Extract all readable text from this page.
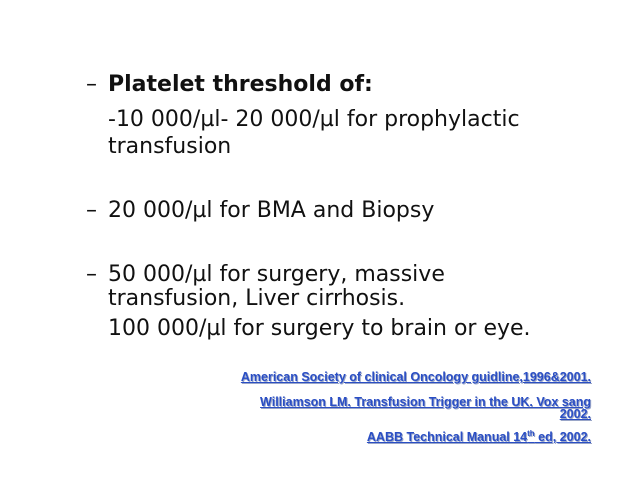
– Platelet threshold of:
-10 000/µl- 20 000/µl for prophylactic
transfusion
– 20 000/µl for BMA and Biopsy
– 50 000/µl for surgery, massive
transfusion, Liver cirrhosis.
100 000/µl for surgery to brain or eye.
American Society of clinical Oncology guidline,1996&2001.
Williamson LM. Transfusion Trigger in the UK. Vox sang
2002.
AABB Technical Manual 14th ed, 2002.
